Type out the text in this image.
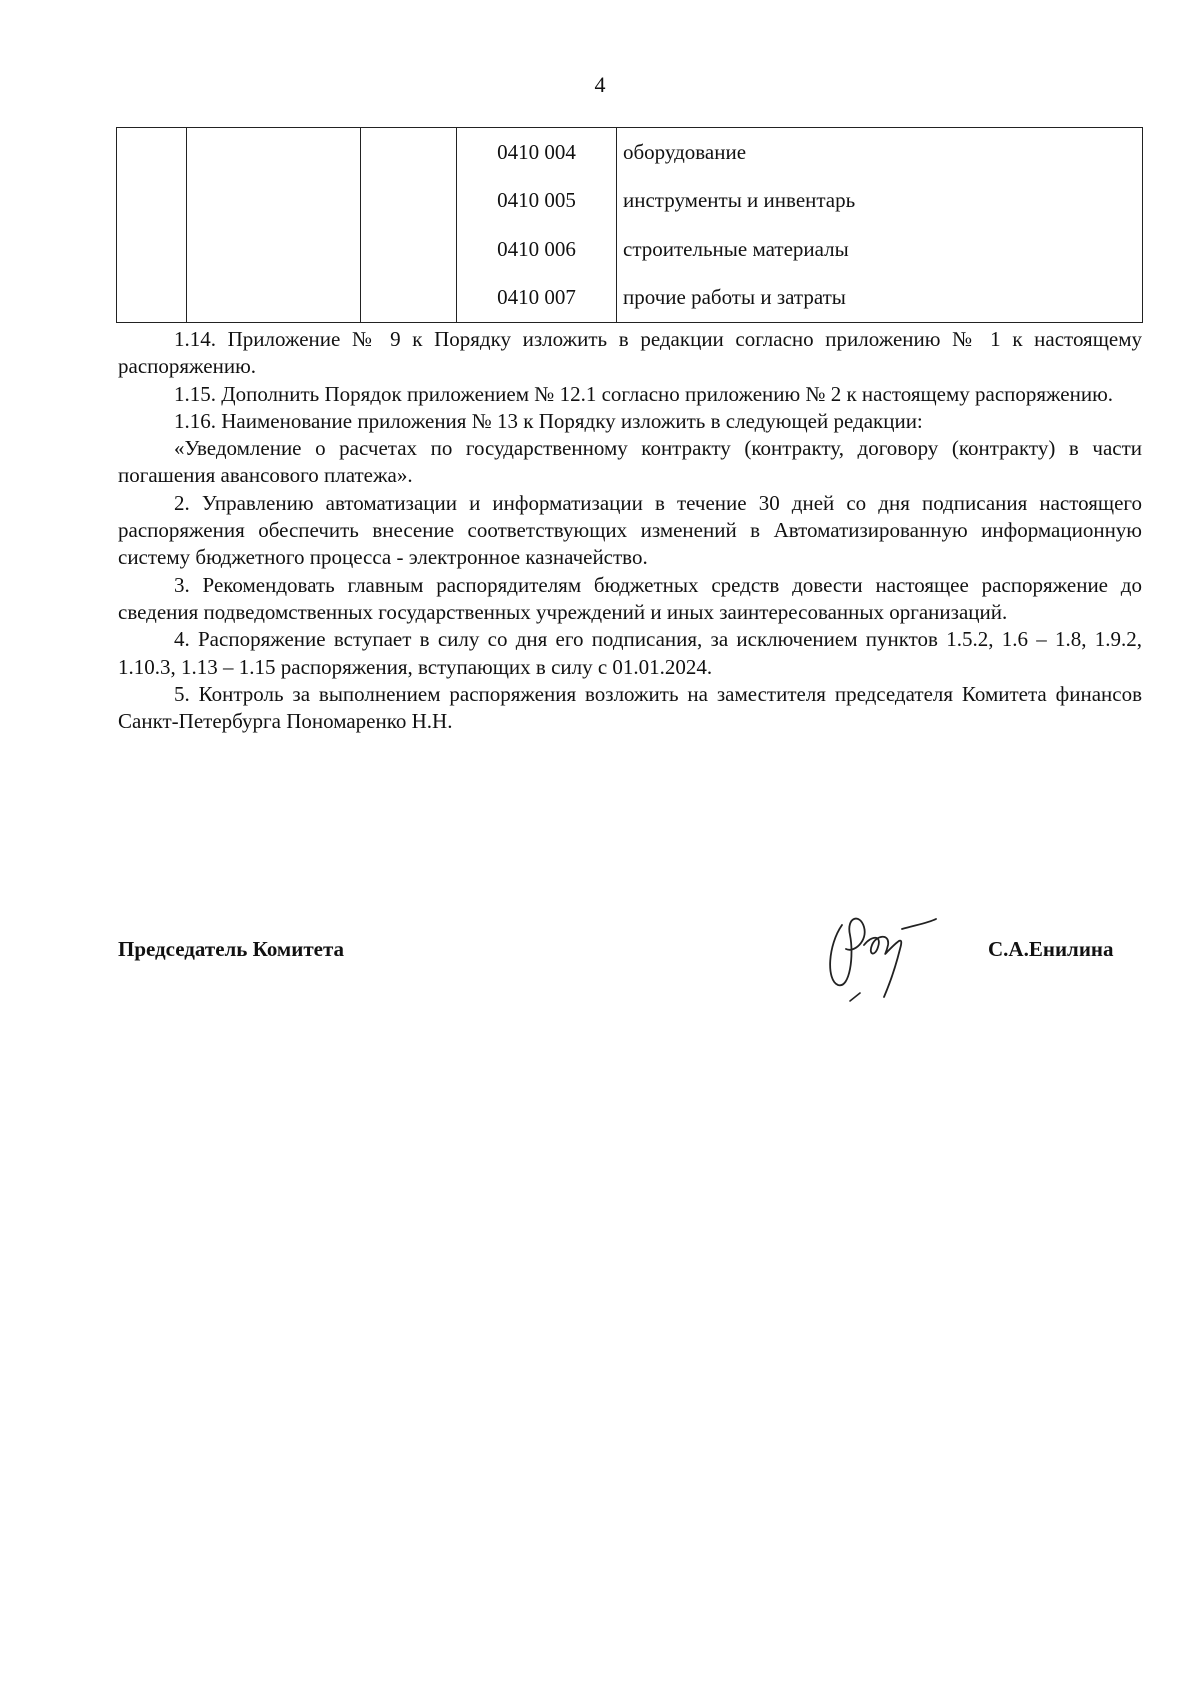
4
			0410 004	оборудование
			0410 005	инструменты и инвентарь
			0410 006	строительные материалы
			0410 007	прочие работы и затраты

1.14. Приложение № 9 к Порядку изложить в редакции согласно приложению № 1 к настоящему распоряжению.

1.15. Дополнить Порядок приложением № 12.1 согласно приложению № 2 к настоящему распоряжению.

1.16. Наименование приложения № 13 к Порядку изложить в следующей редакции:

«Уведомление о расчетах по государственному контракту (контракту, договору (контракту) в части погашения авансового платежа».

2. Управлению автоматизации и информатизации в течение 30 дней со дня подписания настоящего распоряжения обеспечить внесение соответствующих изменений в Автоматизированную информационную систему бюджетного процесса - электронное казначейство.

3. Рекомендовать главным распорядителям бюджетных средств довести настоящее распоряжение до сведения подведомственных государственных учреждений и иных заинтересованных организаций.

4. Распоряжение вступает в силу со дня его подписания, за исключением пунктов 1.5.2, 1.6 – 1.8, 1.9.2, 1.10.3, 1.13 – 1.15 распоряжения, вступающих в силу с 01.01.2024.

5. Контроль за выполнением распоряжения возложить на заместителя председателя Комитета финансов Санкт-Петербурга Пономаренко Н.Н.

Председатель Комитета	С.А.Енилина
